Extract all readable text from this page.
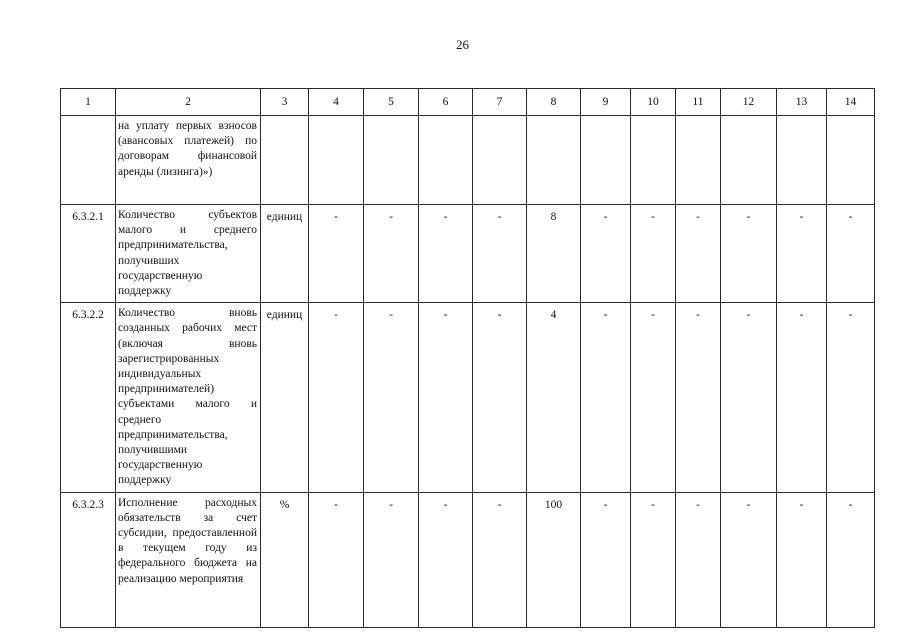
26
1	2	3	4	5	6	7	8	9	10	11	12	13	14
	на уплату первых взносов (авансовых платежей) по договорам финансовой аренды (лизинга)»)												
6.3.2.1	Количество субъектов малого и среднего предпринимательства, получивших государственную поддержку	единиц	-	-	-	-	8	-	-	-	-	-	-
6.3.2.2	Количество вновь созданных рабочих мест (включая вновь зарегистрированных индивидуальных предпринимателей) субъектами малого и среднего предпринимательства, получившими государственную поддержку	единиц	-	-	-	-	4	-	-	-	-	-	-
6.3.2.3	Исполнение расходных обязательств за счет субсидии, предоставленной в текущем году из федерального бюджета на реализацию мероприятия	%	-	-	-	-	100	-	-	-	-	-	-
